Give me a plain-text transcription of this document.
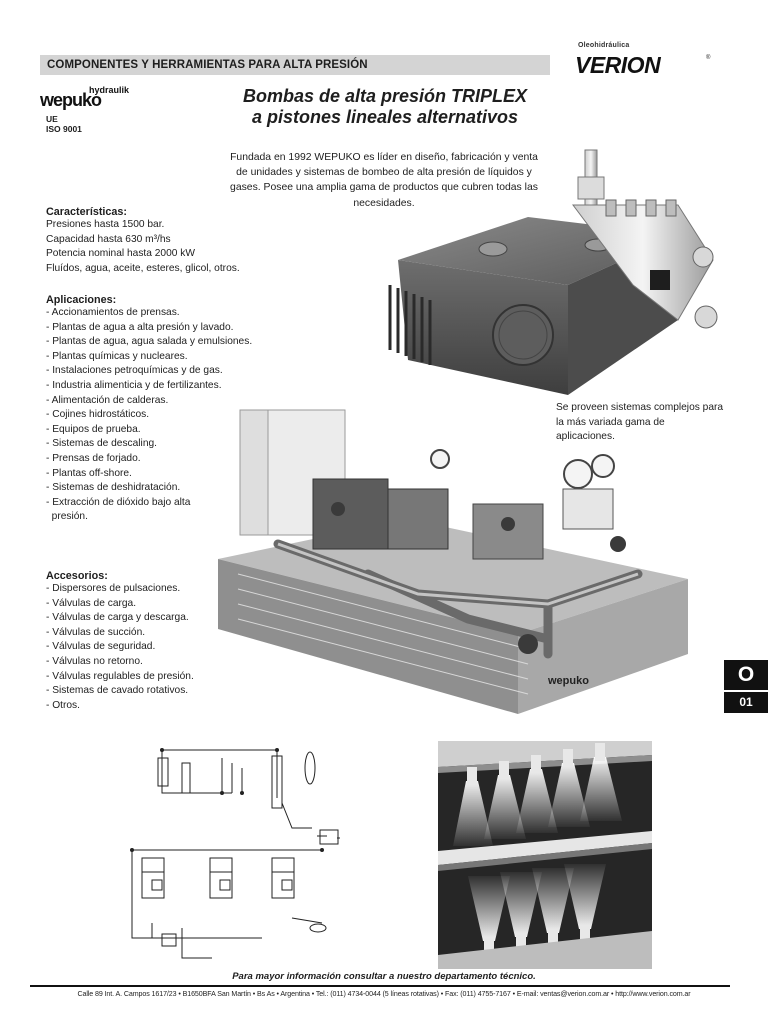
COMPONENTES Y HERRAMIENTAS PARA ALTA PRESIÓN
Oleohidráulica
VERION	®
wepuko
hydraulik
UE
ISO 9001
Bombas de alta presión TRIPLEX
a pistones lineales alternativos
Fundada en 1992 WEPUKO es líder en diseño, fabricación y venta de unidades y sistemas de bombeo de alta presión de líquidos y gases. Posee una amplia gama de productos que cubren todas las necesidades.
Características:
Presiones hasta 1500 bar.
Capacidad hasta 630 m³/hs
Potencia nominal hasta 2000 kW
Fluídos, agua, aceite, esteres, glicol, otros.
Aplicaciones:
- Accionamientos de prensas.
- Plantas de agua a alta presión y lavado.
- Plantas de agua, agua salada y emulsiones.
- Plantas químicas y nucleares.
- Instalaciones petroquímicas y de gas.
- Industria alimenticia y de fertilizantes.
- Alimentación de calderas.
- Cojines hidrostáticos.
- Equipos de prueba.
- Sistemas de descaling.
- Prensas de forjado.
- Plantas off-shore.
- Sistemas de deshidratación.
- Extracción de dióxido bajo alta
presión.
Accesorios:
- Dispersores de pulsaciones.
- Válvulas de carga.
- Válvulas de carga y descarga.
- Válvulas de succión.
- Válvulas de seguridad.
- Válvulas no retorno.
- Válvulas regulables de presión.
- Sistemas de cavado rotativos.
- Otros.
wepuko
Se proveen sistemas complejos para la más variada gama de aplicaciones.
O
01
Para mayor información consultar a nuestro departamento técnico.
Calle 89 Int. A. Campos 1617/23 • B1650BFA San Martín • Bs As • Argentina • Tel.: (011) 4734-0044 (5 líneas rotativas) • Fax: (011) 4755-7167 • E-mail: ventas@verion.com.ar • http://www.verion.com.ar
